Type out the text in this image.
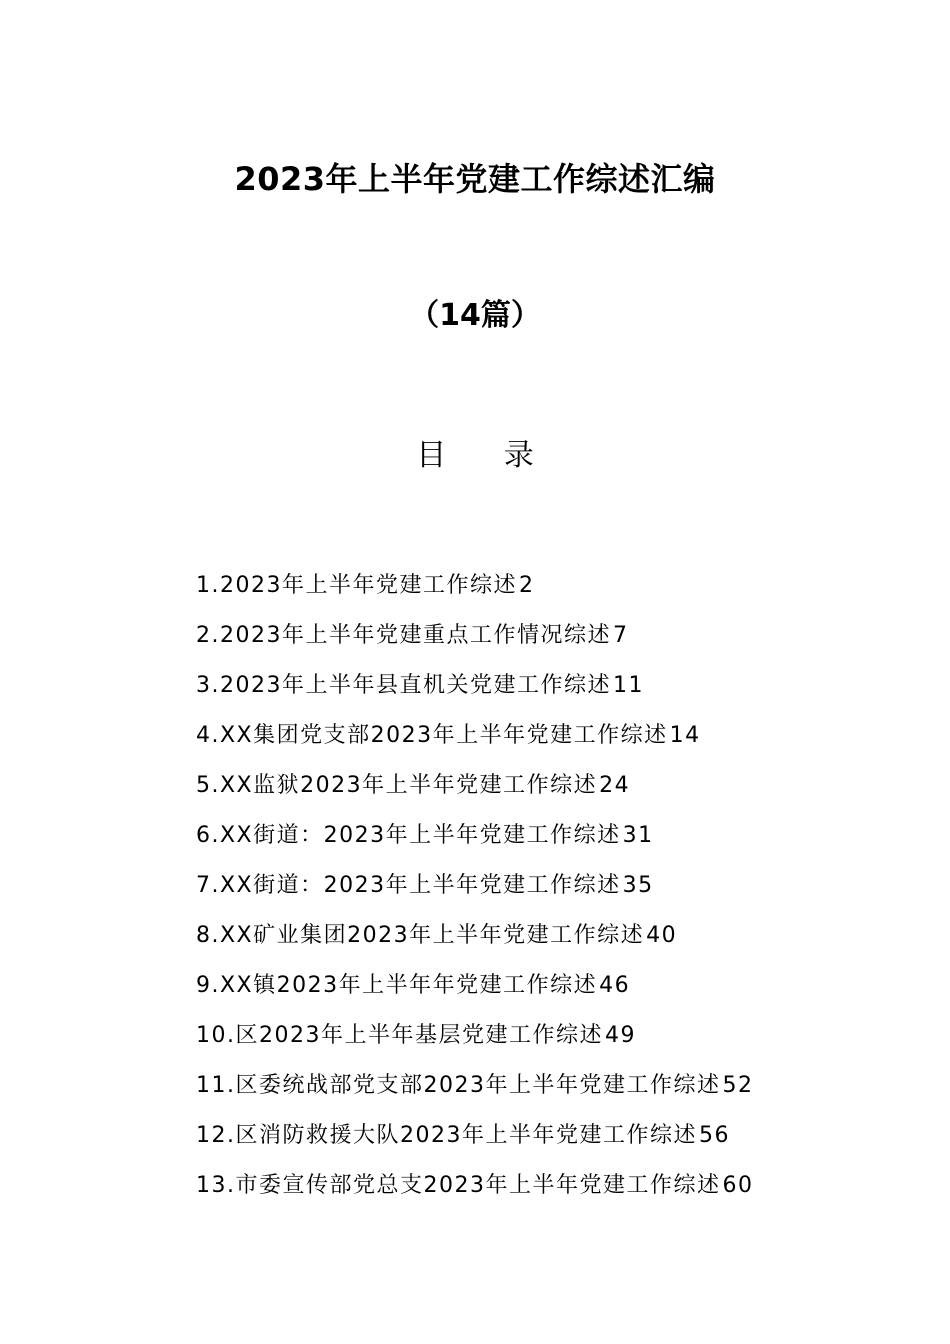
2023年上半年党建工作综述汇编
（14篇）
目 录
1.2023年上半年党建工作综述2
2.2023年上半年党建重点工作情况综述7
3.2023年上半年县直机关党建工作综述11
4.XX集团党支部2023年上半年党建工作综述14
5.XX监狱2023年上半年党建工作综述24
6.XX街道：2023年上半年党建工作综述31
7.XX街道：2023年上半年党建工作综述35
8.XX矿业集团2023年上半年党建工作综述40
9.XX镇2023年上半年年党建工作综述46
10.区2023年上半年基层党建工作综述49
11.区委统战部党支部2023年上半年党建工作综述52
12.区消防救援大队2023年上半年党建工作综述56
13.市委宣传部党总支2023年上半年党建工作综述60
